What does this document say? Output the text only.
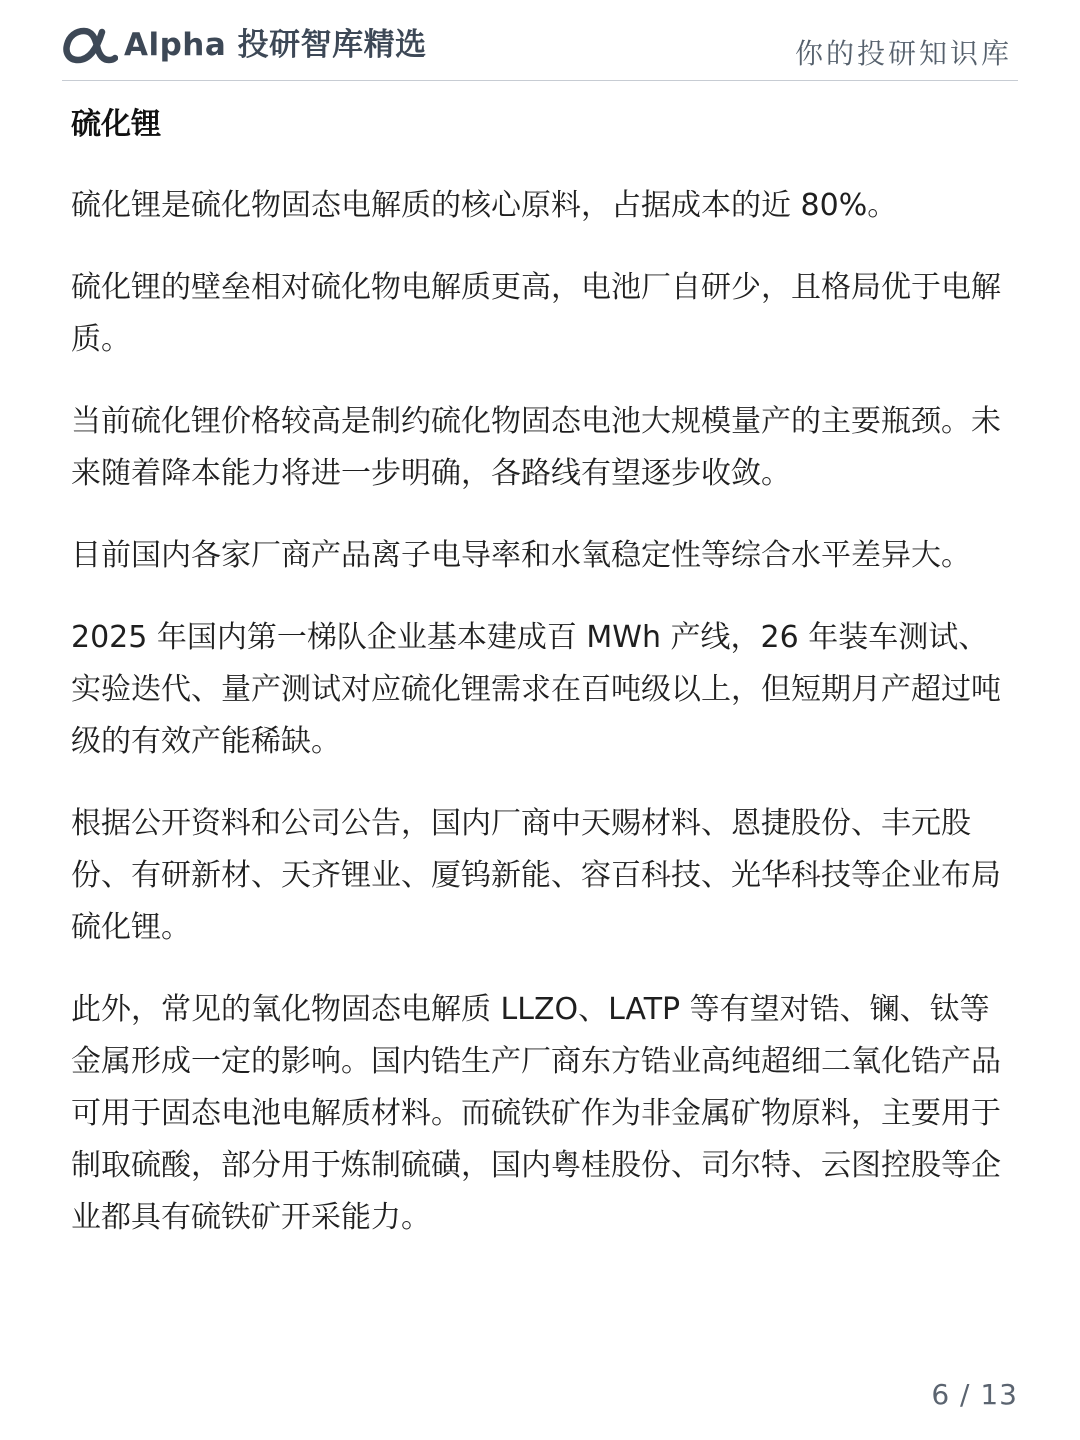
Alpha 投研智库精选	你的投研知识库
硫化锂

硫化锂是硫化物固态电解质的核心原料，占据成本的近 80%。

硫化锂的壁垒相对硫化物电解质更高，电池厂自研少，且格局优于电解质。

当前硫化锂价格较高是制约硫化物固态电池大规模量产的主要瓶颈。未来随着降本能力将进一步明确，各路线有望逐步收敛。

目前国内各家厂商产品离子电导率和水氧稳定性等综合水平差异大。

2025 年国内第一梯队企业基本建成百 MWh 产线，26 年装车测试、实验迭代、量产测试对应硫化锂需求在百吨级以上，但短期月产超过吨级的有效产能稀缺。

根据公开资料和公司公告，国内厂商中天赐材料、恩捷股份、丰元股份、有研新材、天齐锂业、厦钨新能、容百科技、光华科技等企业布局硫化锂。

此外，常见的氧化物固态电解质 LLZO、LATP 等有望对锆、镧、钛等金属形成一定的影响。国内锆生产厂商东方锆业高纯超细二氧化锆产品可用于固态电池电解质材料。而硫铁矿作为非金属矿物原料，主要用于制取硫酸，部分用于炼制硫磺，国内粤桂股份、司尔特、云图控股等企业都具有硫铁矿开采能力。

6 / 13
